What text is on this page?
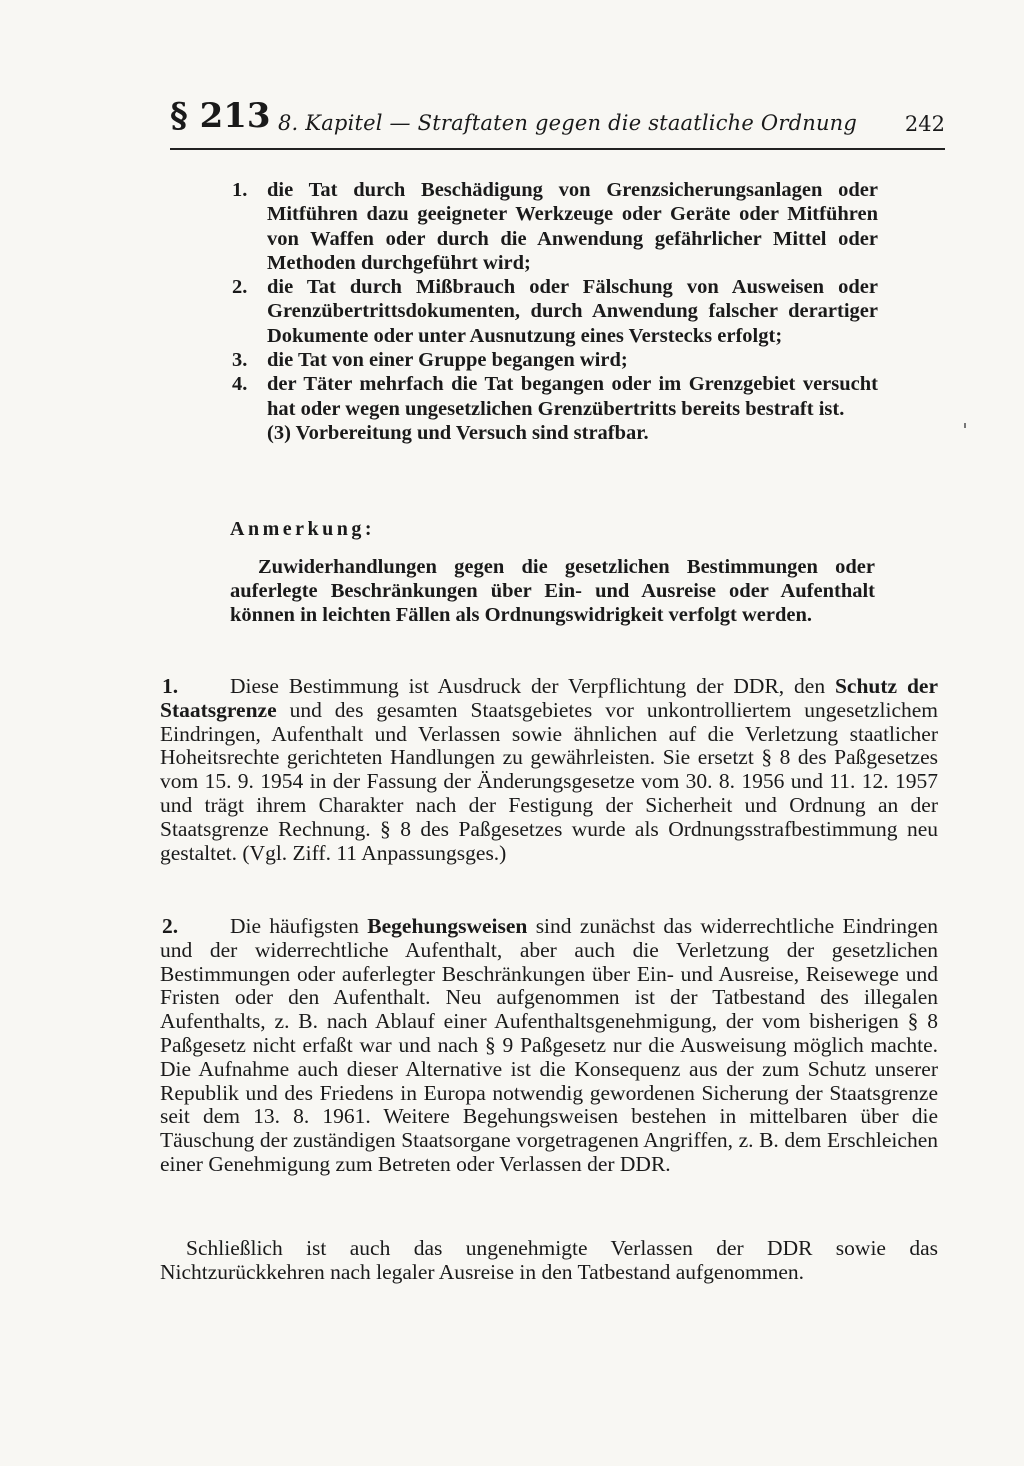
§ 213 8. Kapitel — Straftaten gegen die staatliche Ordnung 242
1. die Tat durch Beschädigung von Grenzsicherungsanlagen oder Mitführen dazu geeigneter Werkzeuge oder Geräte oder Mitführen von Waffen oder durch die Anwendung gefährlicher Mittel oder Methoden durchgeführt wird;
2. die Tat durch Mißbrauch oder Fälschung von Ausweisen oder Grenzübertrittsdokumenten, durch Anwendung falscher derartiger Dokumente oder unter Ausnutzung eines Verstecks erfolgt;
3. die Tat von einer Gruppe begangen wird;
4. der Täter mehrfach die Tat begangen oder im Grenzgebiet versucht hat oder wegen ungesetzlichen Grenzübertritts bereits bestraft ist.
(3) Vorbereitung und Versuch sind strafbar.
Anmerkung:
Zuwiderhandlungen gegen die gesetzlichen Bestimmungen oder auferlegte Beschränkungen über Ein- und Ausreise oder Aufenthalt können in leichten Fällen als Ordnungswidrigkeit verfolgt werden.
1.	Diese Bestimmung ist Ausdruck der Verpflichtung der DDR, den Schutz der Staatsgrenze und des gesamten Staatsgebietes vor unkontrolliertem ungesetzlichem Eindringen, Aufenthalt und Verlassen sowie ähnlichen auf die Verletzung staatlicher Hoheitsrechte gerichteten Handlungen zu gewährleisten. Sie ersetzt § 8 des Paßgesetzes vom 15. 9. 1954 in der Fassung der Änderungsgesetze vom 30. 8. 1956 und 11. 12. 1957 und trägt ihrem Charakter nach der Festigung der Sicherheit und Ordnung an der Staatsgrenze Rechnung. § 8 des Paßgesetzes wurde als Ordnungsstrafbestimmung neu gestaltet. (Vgl. Ziff. 11 Anpassungsges.)
2.	Die häufigsten Begehungsweisen sind zunächst das widerrechtliche Eindringen und der widerrechtliche Aufenthalt, aber auch die Verletzung der gesetzlichen Bestimmungen oder auferlegter Beschränkungen über Ein- und Ausreise, Reisewege und Fristen oder den Aufenthalt. Neu aufgenommen ist der Tatbestand des illegalen Aufenthalts, z. B. nach Ablauf einer Aufenthaltsgenehmigung, der vom bisherigen § 8 Paßgesetz nicht erfaßt war und nach § 9 Paßgesetz nur die Ausweisung möglich machte. Die Aufnahme auch dieser Alternative ist die Konsequenz aus der zum Schutz unserer Republik und des Friedens in Europa notwendig gewordenen Sicherung der Staatsgrenze seit dem 13. 8. 1961. Weitere Begehungsweisen bestehen in mittelbaren über die Täuschung der zuständigen Staatsorgane vorgetragenen Angriffen, z. B. dem Erschleichen einer Genehmigung zum Betreten oder Verlassen der DDR.
Schließlich ist auch das ungenehmigte Verlassen der DDR sowie das Nichtzurückkehren nach legaler Ausreise in den Tatbestand aufgenommen.
